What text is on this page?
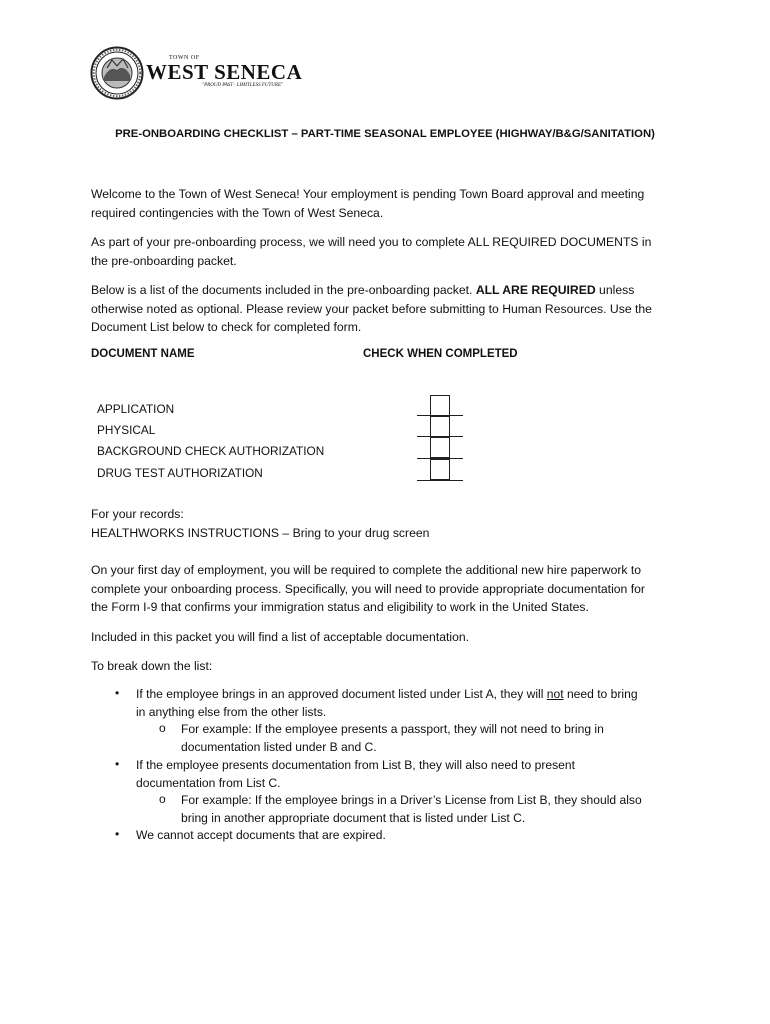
TOWN OF
WEST SENECA
"PROUD PAST · LIMITLESS FUTURE"
PRE-ONBOARDING CHECKLIST – PART-TIME SEASONAL EMPLOYEE (HIGHWAY/B&G/SANITATION)
Welcome to the Town of West Seneca! Your employment is pending Town Board approval and meeting
required contingencies with the Town of West Seneca.
As part of your pre-onboarding process, we will need you to complete ALL REQUIRED DOCUMENTS in
the pre-onboarding packet.
Below is a list of the documents included in the pre-onboarding packet. ALL ARE REQUIRED unless
otherwise noted as optional. Please review your packet before submitting to Human Resources. Use the
Document List below to check for completed form.
DOCUMENT NAME	CHECK WHEN COMPLETED
APPLICATION
PHYSICAL
BACKGROUND CHECK AUTHORIZATION
DRUG TEST AUTHORIZATION
For your records:
HEALTHWORKS INSTRUCTIONS – Bring to your drug screen
On your first day of employment, you will be required to complete the additional new hire paperwork to
complete your onboarding process. Specifically, you will need to provide appropriate documentation for
the Form I-9 that confirms your immigration status and eligibility to work in the United States.
Included in this packet you will find a list of acceptable documentation.
To break down the list:
• If the employee brings in an approved document listed under List A, they will not need to bring
in anything else from the other lists.
o For example: If the employee presents a passport, they will not need to bring in
documentation listed under B and C.
• If the employee presents documentation from List B, they will also need to present
documentation from List C.
o For example: If the employee brings in a Driver’s License from List B, they should also
bring in another appropriate document that is listed under List C.
• We cannot accept documents that are expired.
